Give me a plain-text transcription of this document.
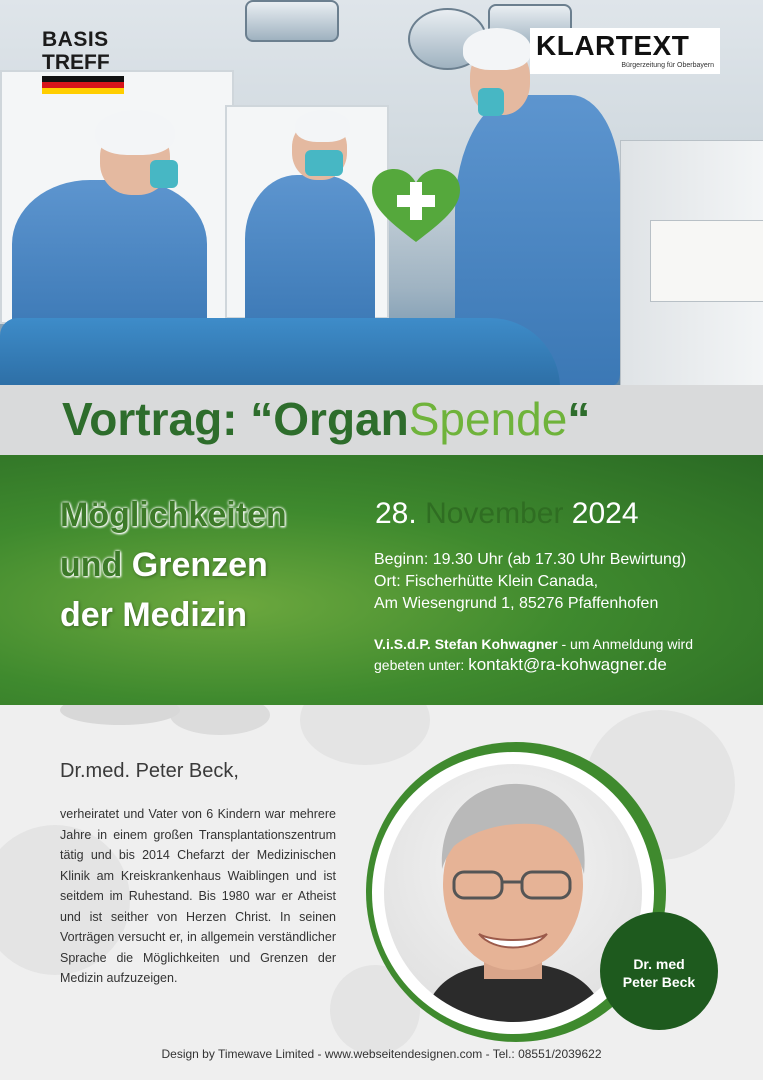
BASIS
TREFF
KLARTEXT
Bürgerzeitung für Oberbayern
Vortrag: “OrganSpende“
Möglichkeiten
und Grenzen
der Medizin
28. November 2024
Beginn: 19.30 Uhr (ab 17.30 Uhr Bewirtung)
Ort: Fischerhütte Klein Canada,
Am Wiesengrund 1, 85276 Pfaffenhofen
V.i.S.d.P. Stefan Kohwagner - um Anmeldung wird
gebeten unter: kontakt@ra-kohwagner.de
Dr.med. Peter Beck,
verheiratet und Vater von 6 Kindern war mehrere Jahre in einem großen Transplantationszentrum tätig und bis 2014 Chefarzt der Medizinischen Klinik am Kreiskrankenhaus Waiblingen und ist seitdem im Ruhestand. Bis 1980 war er Atheist und ist seither von Herzen Christ. In seinen Vorträgen versucht er, in allgemein verständlicher Sprache die Möglichkeiten und Grenzen der Medizin aufzuzeigen.
Dr. med
Peter Beck
Design by Timewave Limited - www.webseitendesignen.com - Tel.: 08551/2039622
